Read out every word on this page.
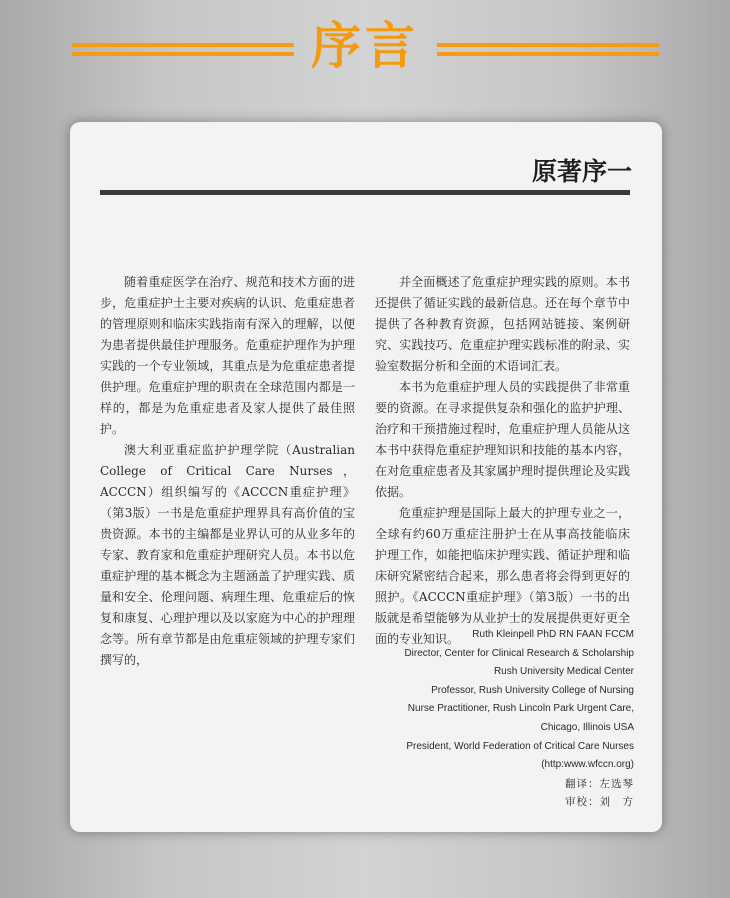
序言
原著序一

随着重症医学在治疗、规范和技术方面的进步，危重症护士主要对疾病的认识、危重症患者的管理原则和临床实践指南有深入的理解，以便为患者提供最佳护理服务。危重症护理作为护理实践的一个专业领域，其重点是为危重症患者提供护理。危重症护理的职责在全球范围内都是一样的，都是为危重症患者及家人提供了最佳照护。

澳大利亚重症监护护理学院（Australian College of Critical Care Nurses，ACCCN）组织编写的《ACCCN重症护理》（第3版）一书是危重症护理界具有高价值的宝贵资源。本书的主编都是业界认可的从业多年的专家、教育家和危重症护理研究人员。本书以危重症护理的基本概念为主题涵盖了护理实践、质量和安全、伦理问题、病理生理、危重症后的恢复和康复、心理护理以及以家庭为中心的护理理念等。所有章节都是由危重症领域的护理专家们撰写的，

并全面概述了危重症护理实践的原则。本书还提供了循证实践的最新信息。还在每个章节中提供了各种教育资源，包括网站链接、案例研究、实践技巧、危重症护理实践标准的附录、实验室数据分析和全面的术语词汇表。

本书为危重症护理人员的实践提供了非常重要的资源。在寻求提供复杂和强化的监护护理、治疗和干预措施过程时，危重症护理人员能从这本书中获得危重症护理知识和技能的基本内容，在对危重症患者及其家属护理时提供理论及实践依据。

危重症护理是国际上最大的护理专业之一，全球有约60万重症注册护士在从事高技能临床护理工作，如能把临床护理实践、循证护理和临床研究紧密结合起来，那么患者将会得到更好的照护。《ACCCN重症护理》（第3版）一书的出版就是希望能够为从业护士的发展提供更好更全面的专业知识。	Ruth Kleinpell PhD RN FAAN FCCM
Director, Center for Clinical Research & Scholarship
Rush University Medical Center
Professor, Rush University College of Nursing
Nurse Practitioner, Rush Lincoln Park Urgent Care,
Chicago, Illinois USA
President, World Federation of Critical Care Nurses
(http:www.wfccn.org)
翻译：左选琴
审校：刘　方
